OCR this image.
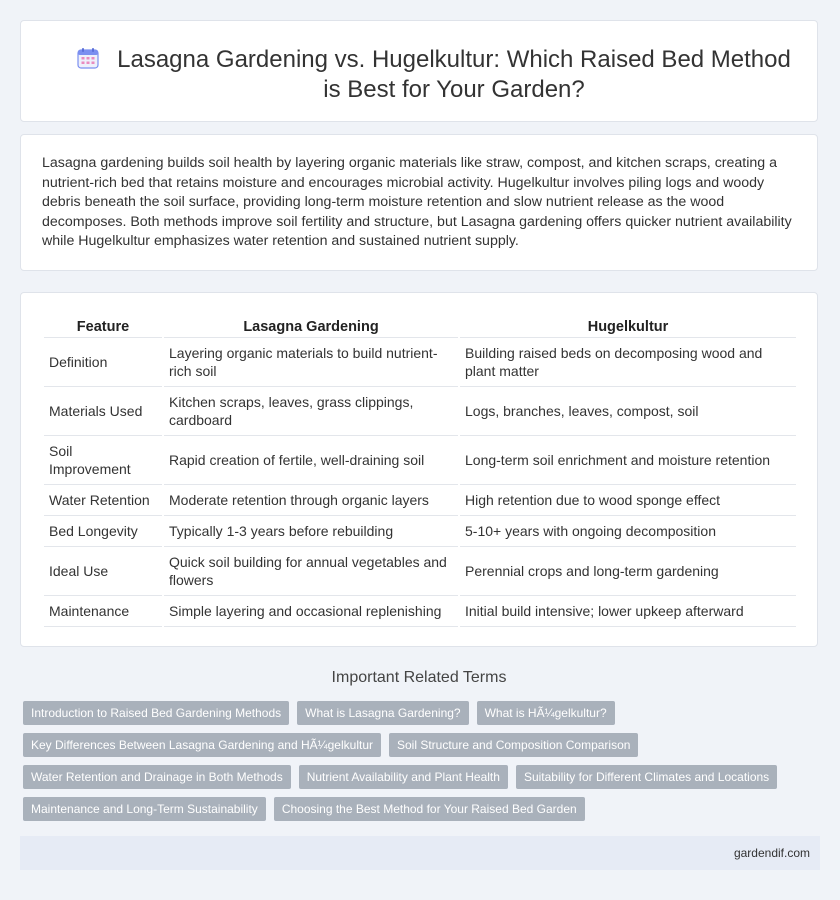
Lasagna Gardening vs. Hugelkultur: Which Raised Bed Method is Best for Your Garden?

Lasagna gardening builds soil health by layering organic materials like straw, compost, and kitchen scraps, creating a nutrient-rich bed that retains moisture and encourages microbial activity. Hugelkultur involves piling logs and woody debris beneath the soil surface, providing long-term moisture retention and slow nutrient release as the wood decomposes. Both methods improve soil fertility and structure, but Lasagna gardening offers quicker nutrient availability while Hugelkultur emphasizes water retention and sustained nutrient supply.

Feature	Lasagna Gardening	Hugelkultur
Definition	Layering organic materials to build nutrient-rich soil	Building raised beds on decomposing wood and plant matter
Materials Used	Kitchen scraps, leaves, grass clippings, cardboard	Logs, branches, leaves, compost, soil
Soil Improvement	Rapid creation of fertile, well-draining soil	Long-term soil enrichment and moisture retention
Water Retention	Moderate retention through organic layers	High retention due to wood sponge effect
Bed Longevity	Typically 1-3 years before rebuilding	5-10+ years with ongoing decomposition
Ideal Use	Quick soil building for annual vegetables and flowers	Perennial crops and long-term gardening
Maintenance	Simple layering and occasional replenishing	Initial build intensive; lower upkeep afterward
Important Related Terms
Introduction to Raised Bed Gardening Methods	What is Lasagna Gardening?	What is HÃ¼gelkultur?
Key Differences Between Lasagna Gardening and HÃ¼gelkultur	Soil Structure and Composition Comparison
Water Retention and Drainage in Both Methods	Nutrient Availability and Plant Health	Suitability for Different Climates and Locations
Maintenance and Long-Term Sustainability	Choosing the Best Method for Your Raised Bed Garden
gardendif.com
